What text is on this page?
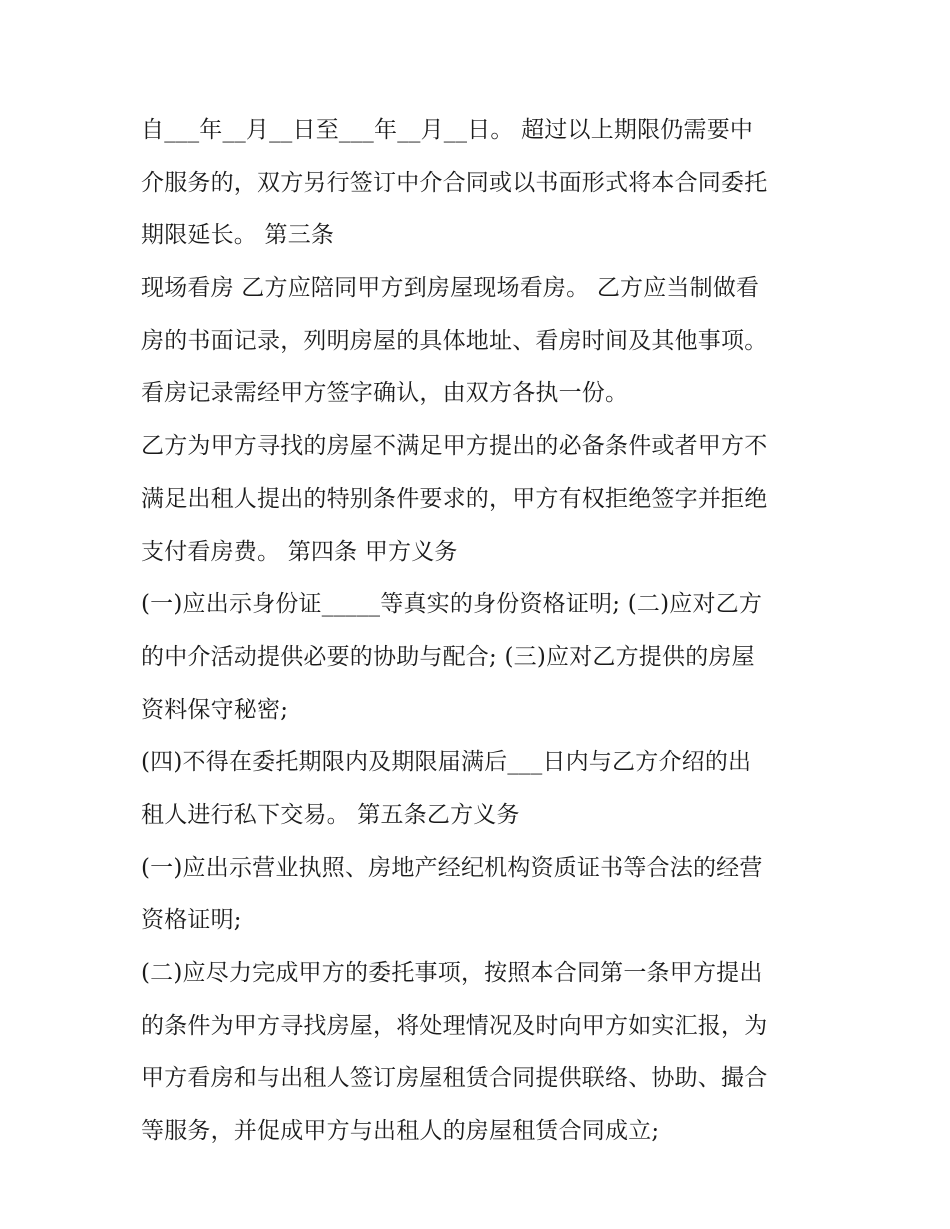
自___年__月__日至___年__月__日。 超过以上期限仍需要中
介服务的，双方另行签订中介合同或以书面形式将本合同委托
期限延长。 第三条
现场看房 乙方应陪同甲方到房屋现场看房。 乙方应当制做看
房的书面记录，列明房屋的具体地址、看房时间及其他事项。
看房记录需经甲方签字确认，由双方各执一份。
乙方为甲方寻找的房屋不满足甲方提出的必备条件或者甲方不
满足出租人提出的特别条件要求的，甲方有权拒绝签字并拒绝
支付看房费。 第四条 甲方义务
(一)应出示身份证_____等真实的身份资格证明; (二)应对乙方
的中介活动提供必要的协助与配合; (三)应对乙方提供的房屋
资料保守秘密;
(四)不得在委托期限内及期限届满后___日内与乙方介绍的出
租人进行私下交易。 第五条乙方义务
(一)应出示营业执照、房地产经纪机构资质证书等合法的经营
资格证明;
(二)应尽力完成甲方的委托事项，按照本合同第一条甲方提出
的条件为甲方寻找房屋，将处理情况及时向甲方如实汇报，为
甲方看房和与出租人签订房屋租赁合同提供联络、协助、撮合
等服务，并促成甲方与出租人的房屋租赁合同成立;
